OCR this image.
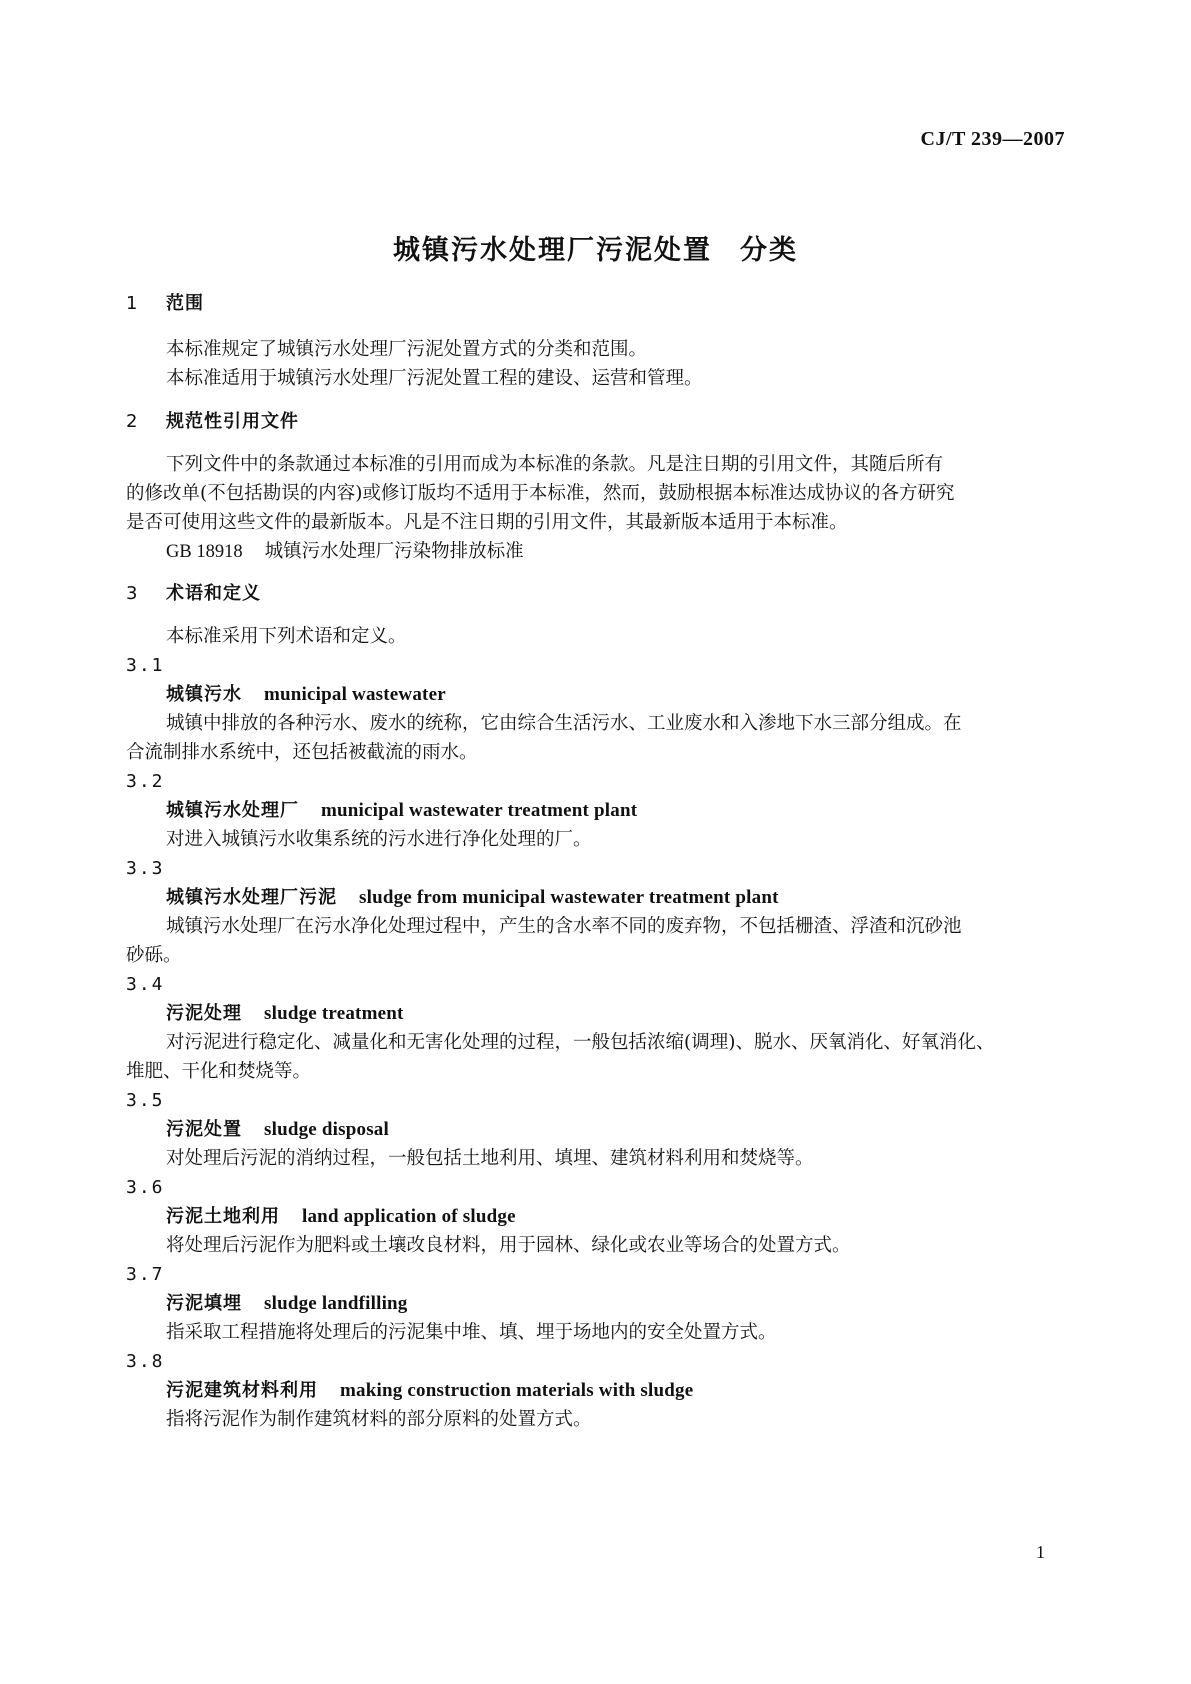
CJ/T 239—2007
城镇污水处理厂污泥处置 分类
1 范围
本标准规定了城镇污水处理厂污泥处置方式的分类和范围。
本标准适用于城镇污水处理厂污泥处置工程的建设、运营和管理。
2 规范性引用文件
下列文件中的条款通过本标准的引用而成为本标准的条款。凡是注日期的引用文件，其随后所有
的修改单(不包括勘误的内容)或修订版均不适用于本标准，然而，鼓励根据本标准达成协议的各方研究
是否可使用这些文件的最新版本。凡是不注日期的引用文件，其最新版本适用于本标准。
GB 18918 城镇污水处理厂污染物排放标准
3 术语和定义
本标准采用下列术语和定义。
3.1
城镇污水 municipal wastewater
城镇中排放的各种污水、废水的统称，它由综合生活污水、工业废水和入渗地下水三部分组成。在
合流制排水系统中，还包括被截流的雨水。
3.2
城镇污水处理厂 municipal wastewater treatment plant
对进入城镇污水收集系统的污水进行净化处理的厂。
3.3
城镇污水处理厂污泥 sludge from municipal wastewater treatment plant
城镇污水处理厂在污水净化处理过程中，产生的含水率不同的废弃物，不包括栅渣、浮渣和沉砂池
砂砾。
3.4
污泥处理 sludge treatment
对污泥进行稳定化、减量化和无害化处理的过程，一般包括浓缩(调理)、脱水、厌氧消化、好氧消化、
堆肥、干化和焚烧等。
3.5
污泥处置 sludge disposal
对处理后污泥的消纳过程，一般包括土地利用、填埋、建筑材料利用和焚烧等。
3.6
污泥土地利用 land application of sludge
将处理后污泥作为肥料或土壤改良材料，用于园林、绿化或农业等场合的处置方式。
3.7
污泥填埋 sludge landfilling
指采取工程措施将处理后的污泥集中堆、填、埋于场地内的安全处置方式。
3.8
污泥建筑材料利用 making construction materials with sludge
指将污泥作为制作建筑材料的部分原料的处置方式。
1
